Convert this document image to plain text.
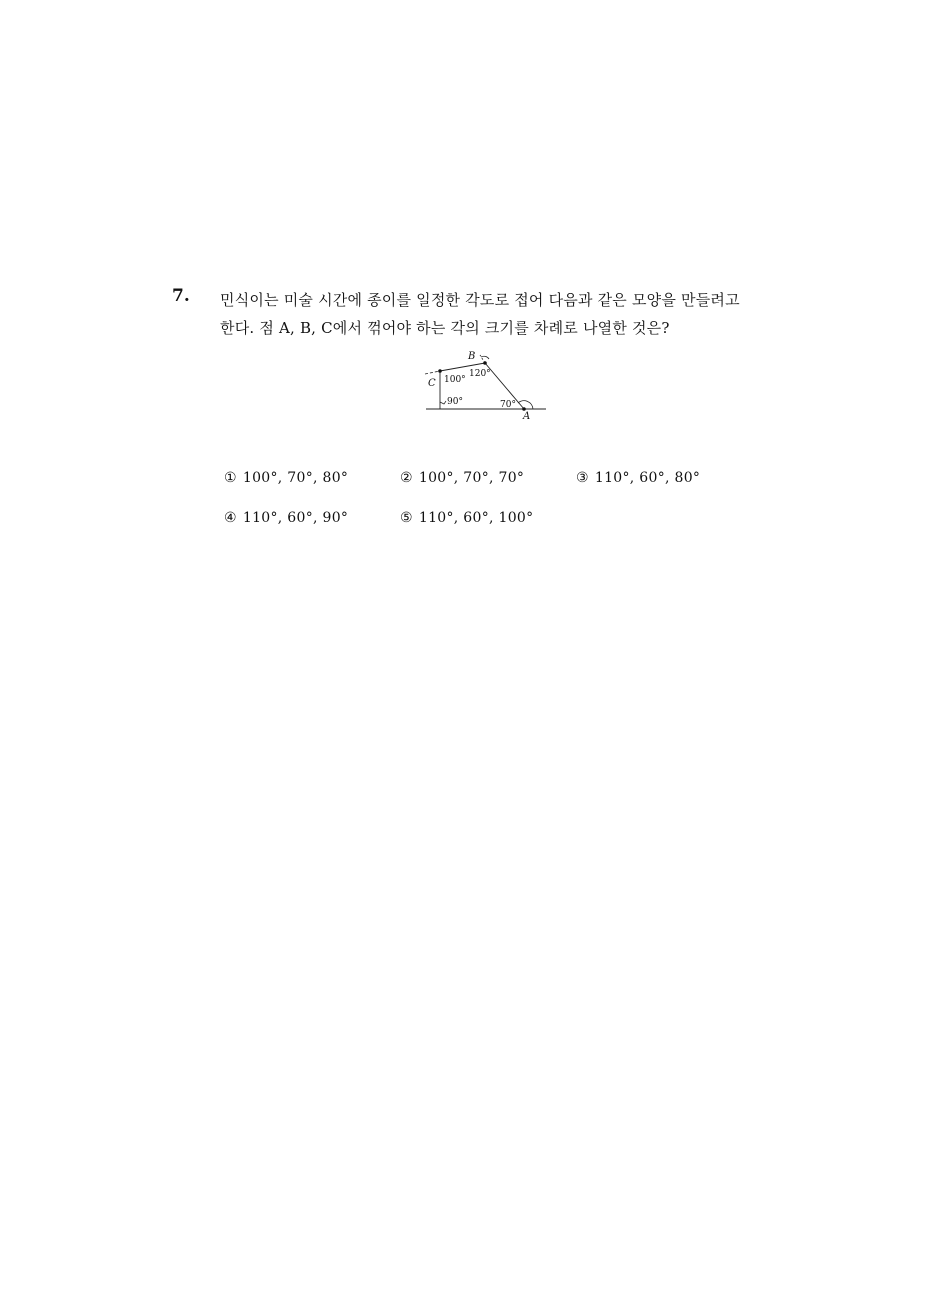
7. 민식이는 미술 시간에 종이를 일정한 각도로 접어 다음과 같은 모양을 만들려고
한다. 점 A, B, C에서 꺾어야 하는 각의 크기를 차례로 나열한 것은?
C
B
A
100°
120°
90°	70°
① 100°, 70°, 80°	② 100°, 70°, 70°	③ 110°, 60°, 80°
④ 110°, 60°, 90°	⑤ 110°, 60°, 100°
